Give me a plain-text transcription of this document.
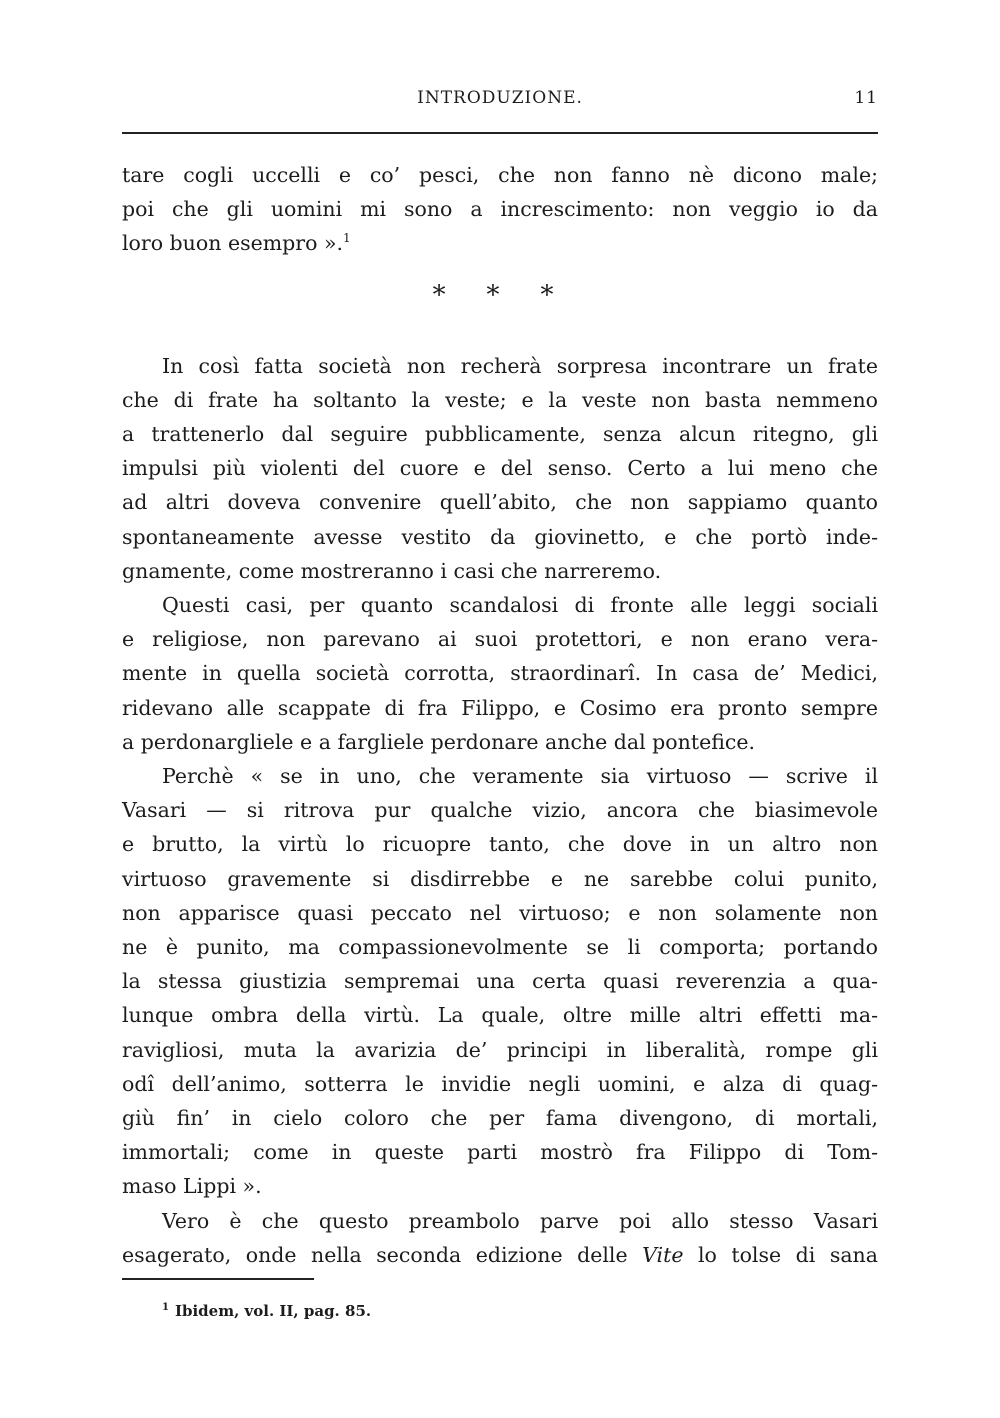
INTRODUZIONE.	11

tare cogli uccelli e co’ pesci, che non fanno nè dicono male;
poi che gli uomini mi sono a increscimento: non veggio io da
loro buon esempro ».$^1$

∗ ∗ ∗

In così fatta società non recherà sorpresa incontrare un frate
che di frate ha soltanto la veste; e la veste non basta nemmeno
a trattenerlo dal seguire pubblicamente, senza alcun ritegno, gli
impulsi più violenti del cuore e del senso. Certo a lui meno che
ad altri doveva convenire quell’abito, che non sappiamo quanto
spontaneamente avesse vestito da giovinetto, e che portò inde-
gnamente, come mostreranno i casi che narreremo.

Questi casi, per quanto scandalosi di fronte alle leggi sociali
e religiose, non parevano ai suoi protettori, e non erano vera-
mente in quella società corrotta, straordinarî. In casa de’ Medici,
ridevano alle scappate di fra Filippo, e Cosimo era pronto sempre
a perdonargliele e a fargliele perdonare anche dal pontefice.

Perchè « se in uno, che veramente sia virtuoso — scrive il
Vasari — si ritrova pur qualche vizio, ancora che biasimevole
e brutto, la virtù lo ricuopre tanto, che dove in un altro non
virtuoso gravemente si disdirrebbe e ne sarebbe colui punito,
non apparisce quasi peccato nel virtuoso; e non solamente non
ne è punito, ma compassionevolmente se li comporta; portando
la stessa giustizia sempremai una certa quasi reverenzia a qua-
lunque ombra della virtù. La quale, oltre mille altri effetti ma-
ravigliosi, muta la avarizia de’ principi in liberalità, rompe gli
odî dell’animo, sotterra le invidie negli uomini, e alza di quag-
giù fin’ in cielo coloro che per fama divengono, di mortali,
immortali; come in queste parti mostrò fra Filippo di Tom-
maso Lippi ».

Vero è che questo preambolo parve poi allo stesso Vasari
esagerato, onde nella seconda edizione delle Vite lo tolse di sana

$^1$ Ibidem, vol. II, pag. 85.
